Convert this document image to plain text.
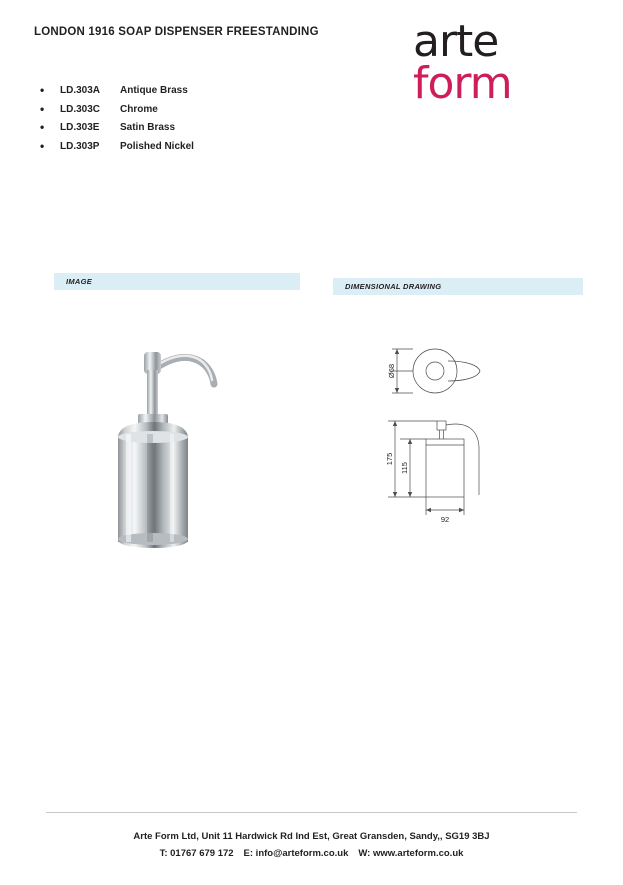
LONDON 1916 SOAP DISPENSER FREESTANDING arte
form
• LD.303A Antique Brass
• LD.303C Chrome
• LD.303E Satin Brass
• LD.303P Polished Nickel
IMAGE
DIMENSIONAL DRAWING
Ø68
175
115
92
Arte Form Ltd, Unit 11 Hardwick Rd Ind Est, Great Gransden, Sandy,, SG19 3BJ
T: 01767 679 172 E: info@arteform.co.uk W: www.arteform.co.uk
